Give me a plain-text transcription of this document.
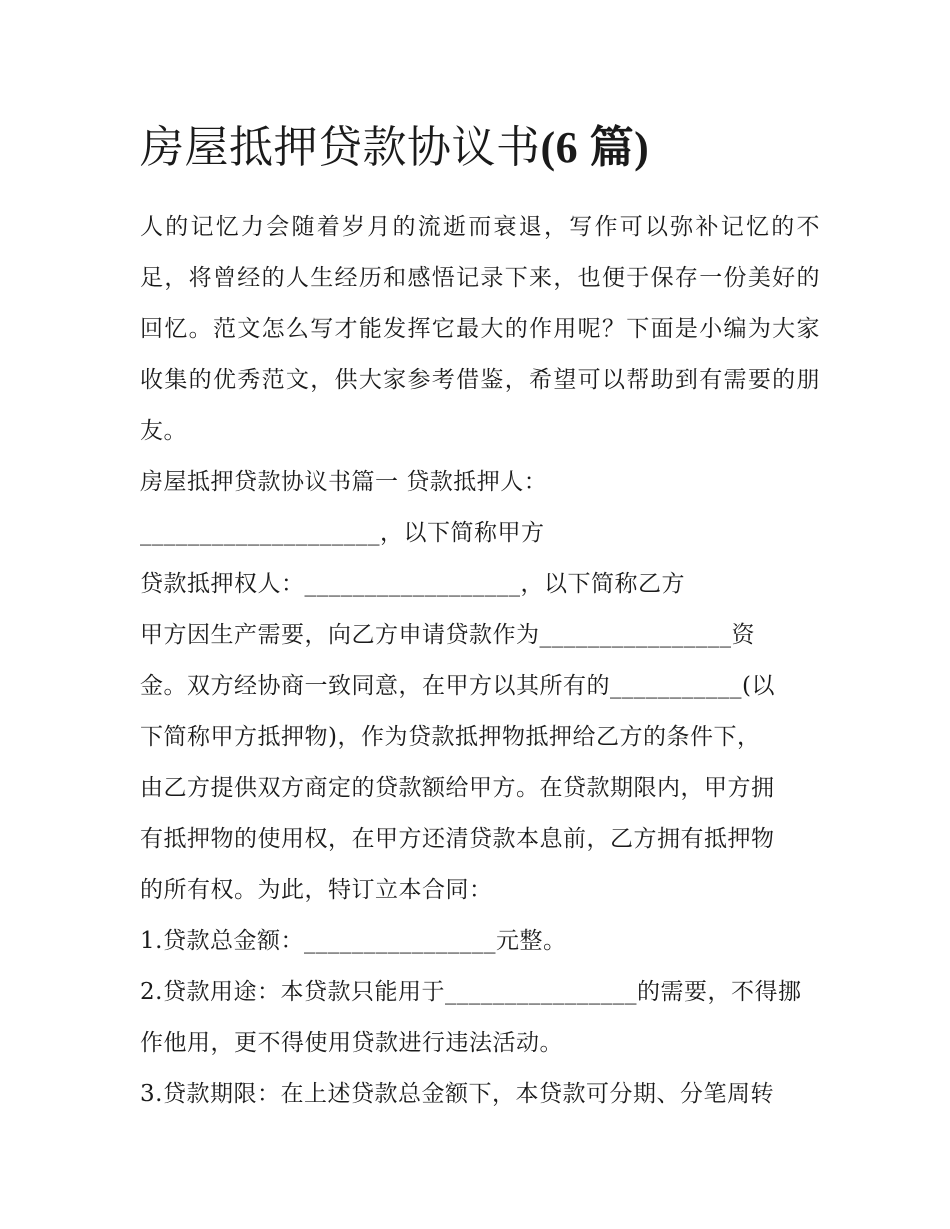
房屋抵押贷款协议书(6 篇)

人的记忆力会随着岁月的流逝而衰退，写作可以弥补记忆的不足，将曾经的人生经历和感悟记录下来，也便于保存一份美好的回忆。范文怎么写才能发挥它最大的作用呢？下面是小编为大家收集的优秀范文，供大家参考借鉴，希望可以帮助到有需要的朋友。

房屋抵押贷款协议书篇一 贷款抵押人：
____________________，以下简称甲方
贷款抵押权人：__________________，以下简称乙方
甲方因生产需要，向乙方申请贷款作为________________资
金。双方经协商一致同意，在甲方以其所有的___________(以
下简称甲方抵押物)，作为贷款抵押物抵押给乙方的条件下，
由乙方提供双方商定的贷款额给甲方。在贷款期限内，甲方拥
有抵押物的使用权，在甲方还清贷款本息前，乙方拥有抵押物
的所有权。为此，特订立本合同：
1.贷款总金额：________________元整。
2.贷款用途：本贷款只能用于________________的需要，不得挪
作他用，更不得使用贷款进行违法活动。
3.贷款期限：在上述贷款总金额下，本贷款可分期、分笔周转
